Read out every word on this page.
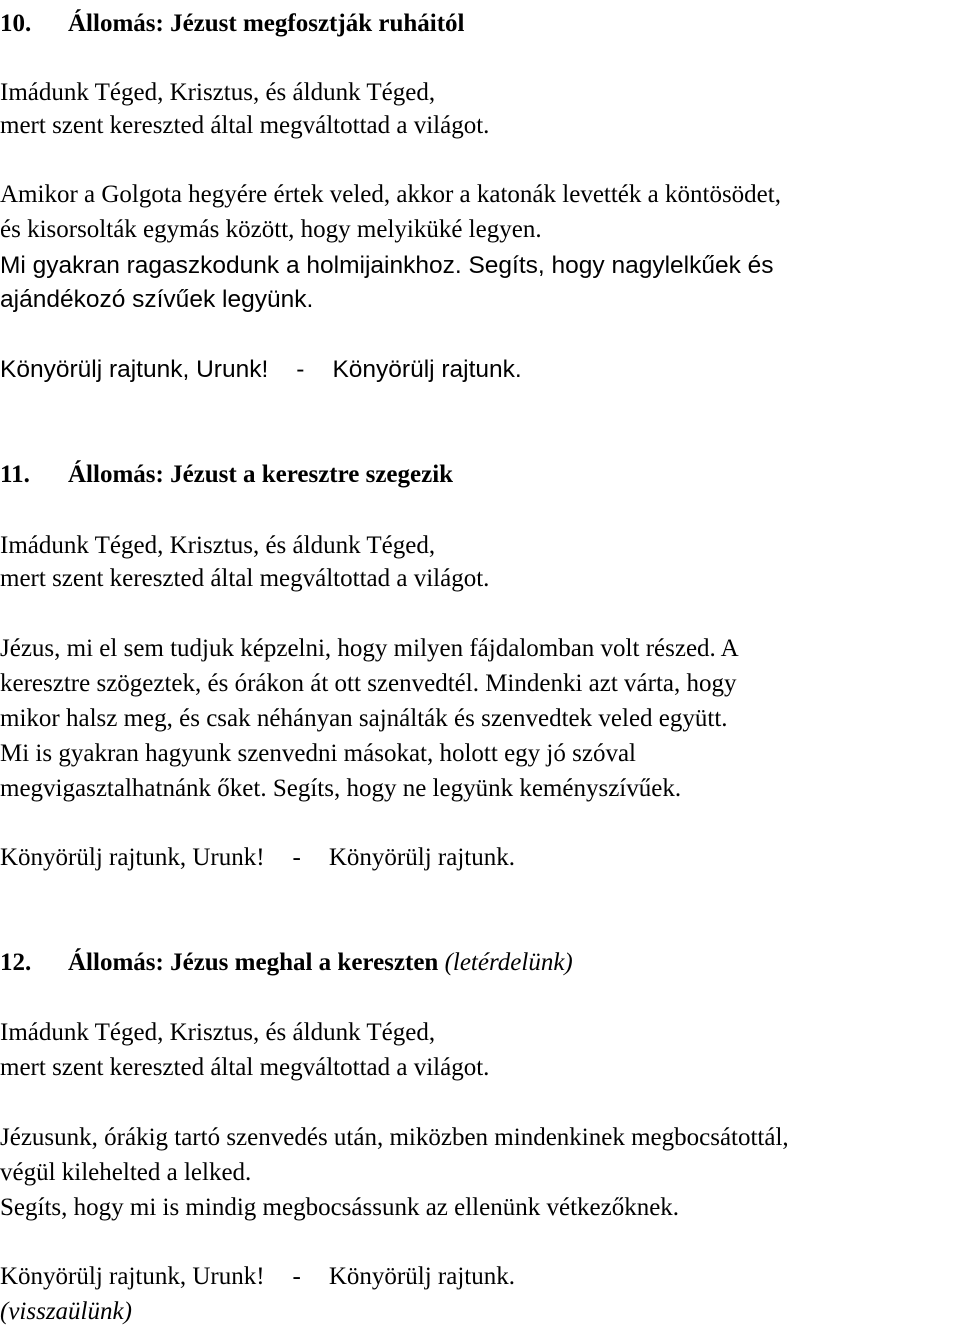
10. Állomás: Jézust megfosztják ruháitól
Imádunk Téged, Krisztus, és áldunk Téged,
mert szent kereszted által megváltottad a világot.
Amikor a Golgota hegyére értek veled, akkor a katonák levették a köntösödet,
és kisorsolták egymás között, hogy melyiküké legyen.
Mi gyakran ragaszkodunk a holmijainkhoz. Segíts, hogy nagylelkűek és
ajándékozó szívűek legyünk.
Könyörülj rajtunk, Urunk! - Könyörülj rajtunk.
11. Állomás: Jézust a keresztre szegezik
Imádunk Téged, Krisztus, és áldunk Téged,
mert szent kereszted által megváltottad a világot.
Jézus, mi el sem tudjuk képzelni, hogy milyen fájdalomban volt részed. A
keresztre szögeztek, és órákon át ott szenvedtél. Mindenki azt várta, hogy
mikor halsz meg, és csak néhányan sajnálták és szenvedtek veled együtt.
Mi is gyakran hagyunk szenvedni másokat, holott egy jó szóval
megvigasztalhatnánk őket. Segíts, hogy ne legyünk keményszívűek.
Könyörülj rajtunk, Urunk! - Könyörülj rajtunk.
12. Állomás: Jézus meghal a kereszten (letérdelünk)
Imádunk Téged, Krisztus, és áldunk Téged,
mert szent kereszted által megváltottad a világot.
Jézusunk, órákig tartó szenvedés után, miközben mindenkinek megbocsátottál,
végül kilehelted a lelked.
Segíts, hogy mi is mindig megbocsássunk az ellenünk vétkezőknek.
Könyörülj rajtunk, Urunk! - Könyörülj rajtunk.
(visszaülünk)
